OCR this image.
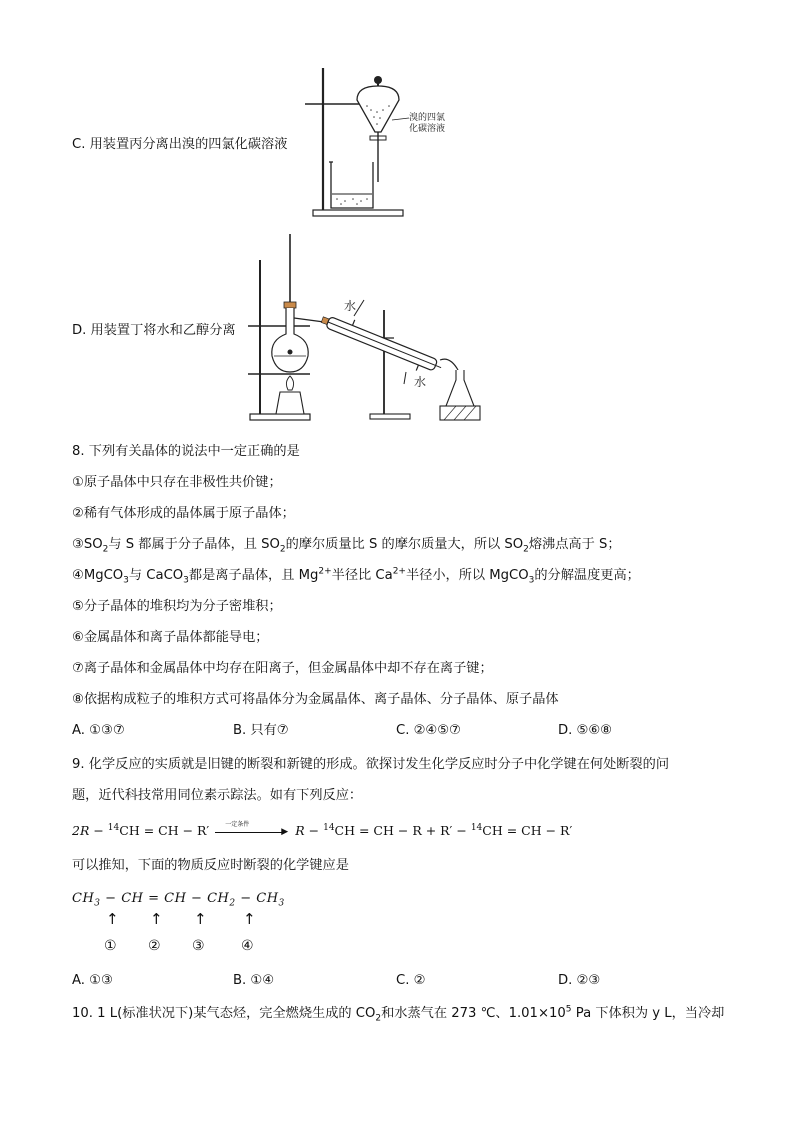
C. 用装置丙分离出溴的四氯化碳溶液
溴的四氯
化碳溶液
D. 用装置丁将水和乙醇分离
水
水
8. 下列有关晶体的说法中一定正确的是
①原子晶体中只存在非极性共价键；
②稀有气体形成的晶体属于原子晶体；
$③SO_2$与 S 都属于分子晶体，且 $SO_2$的摩尔质量比 S 的摩尔质量大，所以 $SO_2$熔沸点高于 S；
④MgCO$_3$与 CaCO$_3$都是离子晶体，且 $Mg^{2+}$半径比 $Ca^{2+}$半径小，所以 MgCO$_3$的分解温度更高；
⑤分子晶体的堆积均为分子密堆积；
⑥金属晶体和离子晶体都能导电；
⑦离子晶体和金属晶体中均存在阳离子，但金属晶体中却不存在离子键；
⑧依据构成粒子的堆积方式可将晶体分为金属晶体、离子晶体、分子晶体、原子晶体
A. ①③⑦	B. 只有⑦	C. ②④⑤⑦	D. ⑤⑥⑧
9. 化学反应的实质就是旧键的断裂和新键的形成。欲探讨发生化学反应时分子中化学键在何处断裂的问
题，近代科技常用同位素示踪法。如有下列反应：
2R − $^{14}$CH = CH − R′	一定条件
▶ R − $^{14}$CH = CH − R + R′ − $^{14}$CH = CH − R′
可以推知，下面的物质反应时断裂的化学键应是
$CH_3$ − CH = CH − $CH_2 - CH_3$
↑ ↑ ↑ ↑
① ② ③	④
A. ①③	B. ①④	C. ②	D. ②③
10. 1 L(标准状况下)某气态烃，完全燃烧生成的 $CO_2$和水蒸气在 273 ℃、$1.01\times 10^5$ Pa 下体积为 y L，当冷却
